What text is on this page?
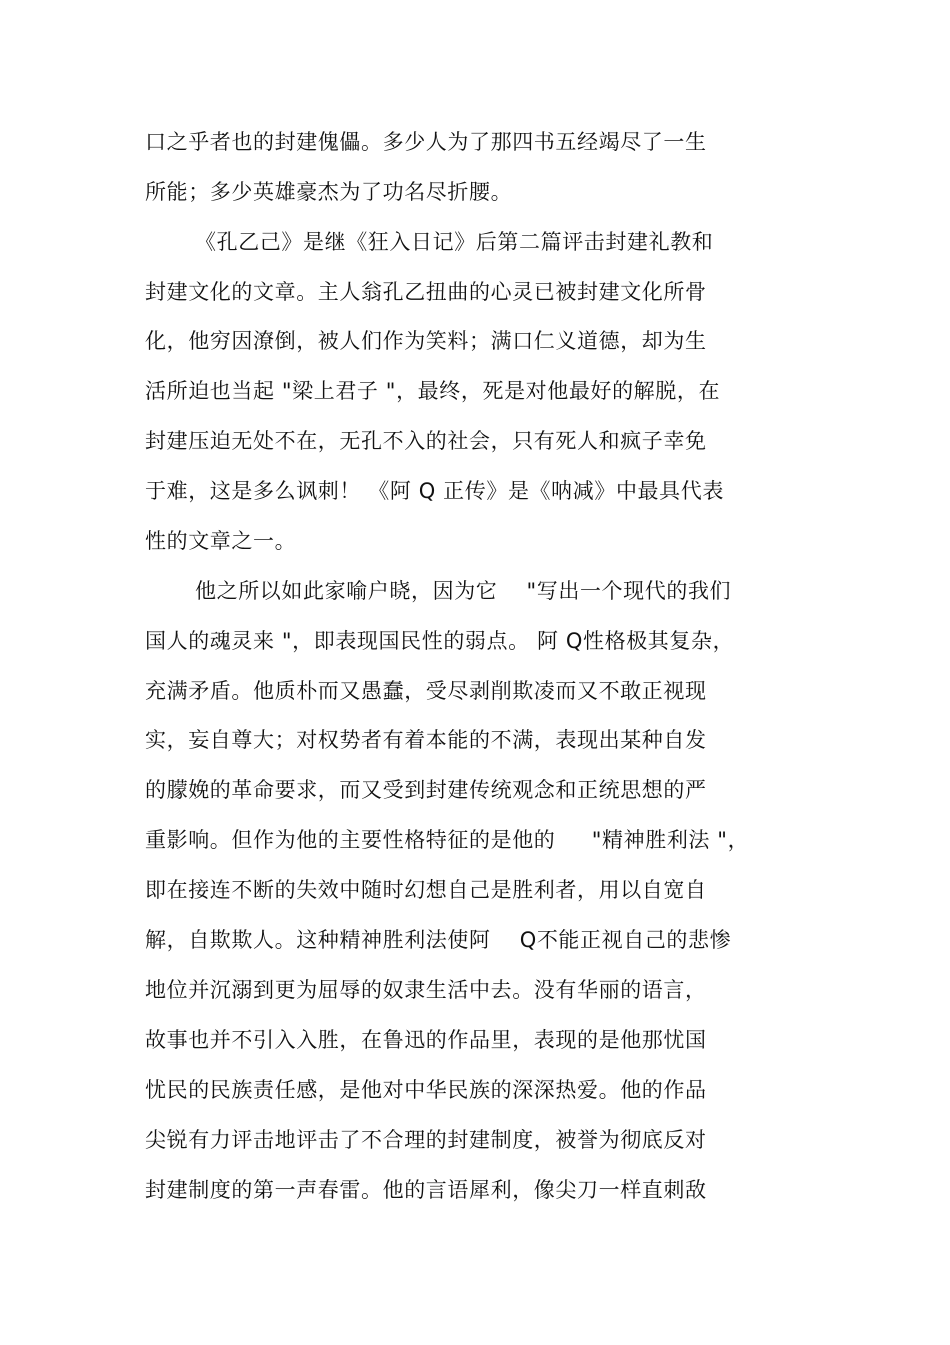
口之乎者也的封建傀儡。多少人为了那四书五经竭尽了一生
所能；多少英雄豪杰为了功名尽折腰。
《孔乙己》是继《狂入日记》后第二篇评击封建礼教和
封建文化的文章。主人翁孔乙扭曲的心灵已被封建文化所骨
化，他穷因潦倒，被人们作为笑料；满口仁义道德，却为生
活所迫也当起 "梁上君子 "，最终，死是对他最好的解脱，在
封建压迫无处不在，无孔不入的社会，只有死人和疯子幸免
于难，这是多么讽刺！ 《阿 Q 正传》是《呐减》中最具代表
性的文章之一。
他之所以如此家喻户晓，因为它    "写出一个现代的我们
国人的魂灵来 "，即表现国民性的弱点。 阿 Q性格极其复杂，
充满矛盾。他质朴而又愚蠢，受尽剥削欺凌而又不敢正视现
实，妄自尊大；对权势者有着本能的不满，表现出某种自发
的朦娩的革命要求，而又受到封建传统观念和正统思想的严
重影响。但作为他的主要性格特征的是他的     "精神胜利法 "，
即在接连不断的失效中随时幻想自己是胜利者，用以自宽自
解，自欺欺人。这种精神胜利法使阿    Q不能正视自己的悲惨
地位并沉溺到更为屈辱的奴隶生活中去。没有华丽的语言，
故事也并不引入入胜，在鲁迅的作品里，表现的是他那忧国
忧民的民族责任感，是他对中华民族的深深热爱。他的作品
尖锐有力评击地评击了不合理的封建制度，被誉为彻底反对
封建制度的第一声春雷。他的言语犀利，像尖刀一样直刺敌
